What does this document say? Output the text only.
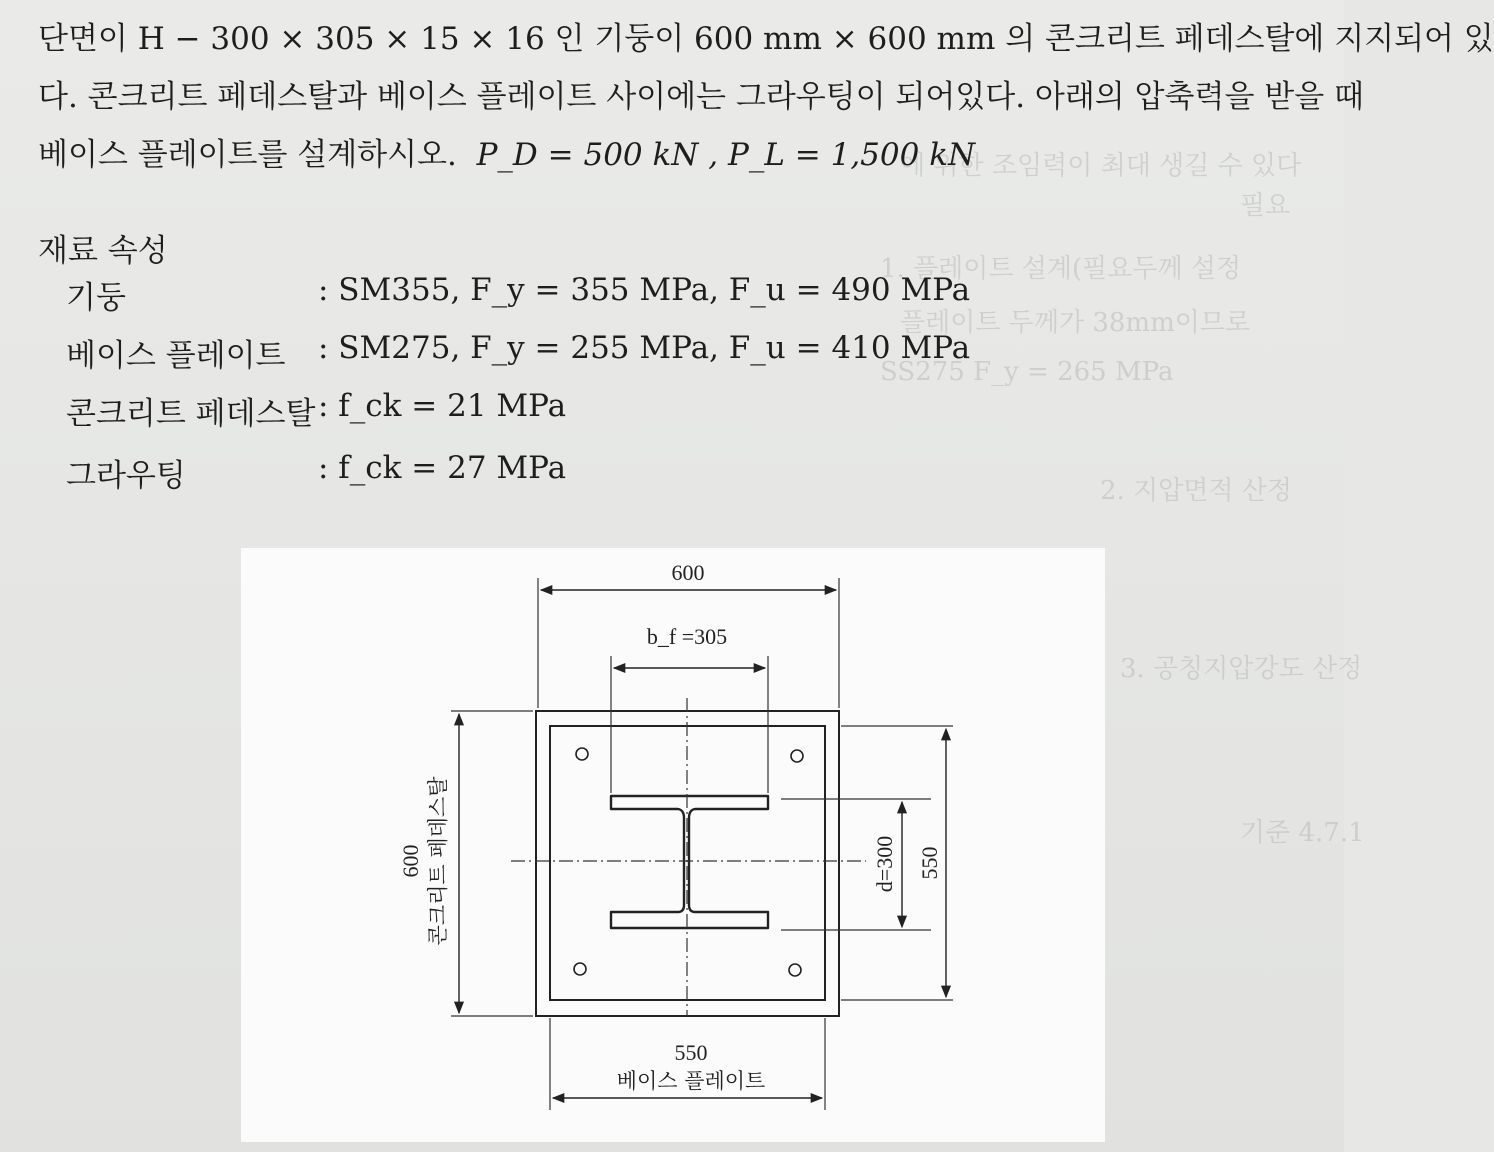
에 위한 조임력이 최대 생길 수 있다
필요
1. 플레이트 설계(필요두께 설정
플레이트 두께가 38mm이므로
SS275 F_y = 265 MPa
2. 지압면적 산정
3. 공칭지압강도 산정
기준 4.7.1
단면이 H − 300 × 305 × 15 × 16 인 기둥이 600 mm × 600 mm 의 콘크리트 페데스탈에 지지되어 있
다. 콘크리트 페데스탈과 베이스 플레이트 사이에는 그라우팅이 되어있다. 아래의 압축력을 받을 때
베이스 플레이트를 설계하시오. P_D = 500 kN , P_L = 1,500 kN
재료 속성
기둥	: SM355, F_y = 355 MPa, F_u = 490 MPa
베이스 플레이트 : SM275, F_y = 255 MPa, F_u = 410 MPa
콘크리트 페데스탈 : f_ck = 21 MPa
그라우팅	: f_ck = 27 MPa
600
b_f =305
600 콘크리트 페데스탈	d=300 550
550
베이스 플레이트
